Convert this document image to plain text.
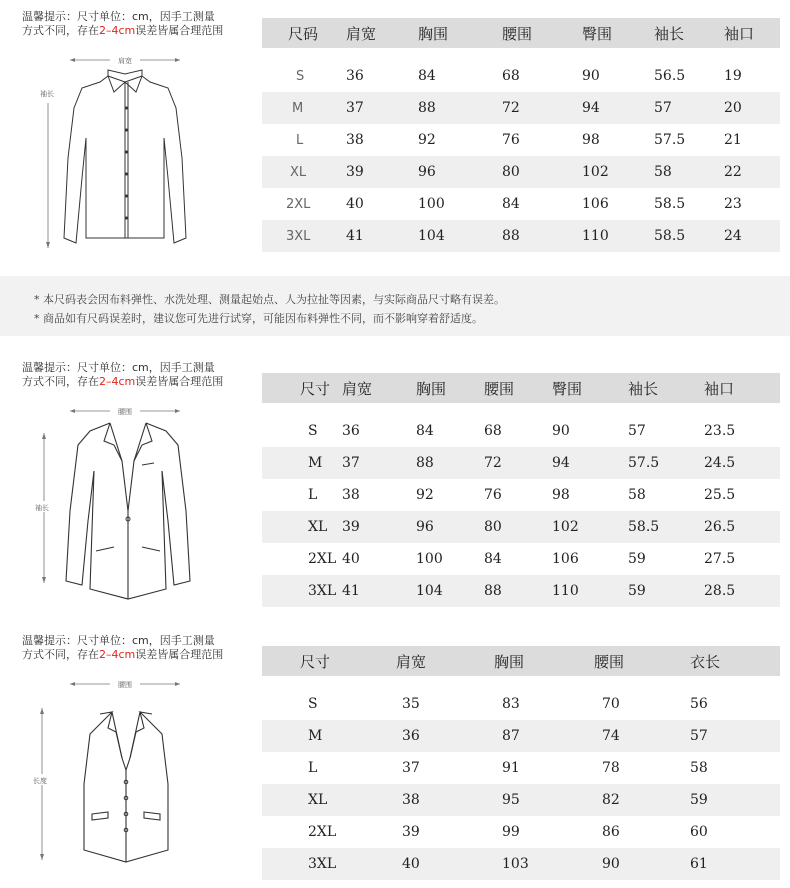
温馨提示：尺寸单位：cm，因手工测量
方式不同，存在2–4cm误差皆属合理范围
肩宽
袖长
尺码	肩宽	胸围	腰围	臀围	袖长	袖口

S	36	84	68	90	56.5	19
M	37	88	72	94	57	20
L	38	92	76	98	57.5	21
XL	39	96	80	102	58	22
2XL	40	100	84	106	58.5	23
3XL	41	104	88	110	58.5	24

* 本尺码表会因布料弹性、水洗处理、测量起始点、人为拉扯等因素，与实际商品尺寸略有误差。

* 商品如有尺码误差时，建议您可先进行试穿，可能因布料弹性不同，而不影响穿着舒适度。

温馨提示：尺寸单位：cm，因手工测量
方式不同，存在2–4cm误差皆属合理范围
腰围
袖长
尺寸	肩宽	胸围	腰围	臀围	袖长	袖口

S	36	84	68	90	57	23.5
M	37	88	72	94	57.5	24.5
L	38	92	76	98	58	25.5
XL	39	96	80	102	58.5	26.5
2XL	40	100	84	106	59	27.5
3XL	41	104	88	110	59	28.5
温馨提示：尺寸单位：cm，因手工测量
方式不同，存在2–4cm误差皆属合理范围
腰围
长度
尺寸	肩宽	胸围	腰围	衣长

S	35	83	70	56
M	36	87	74	57
L	37	91	78	58
XL	38	95	82	59
2XL	39	99	86	60
3XL	40	103	90	61
